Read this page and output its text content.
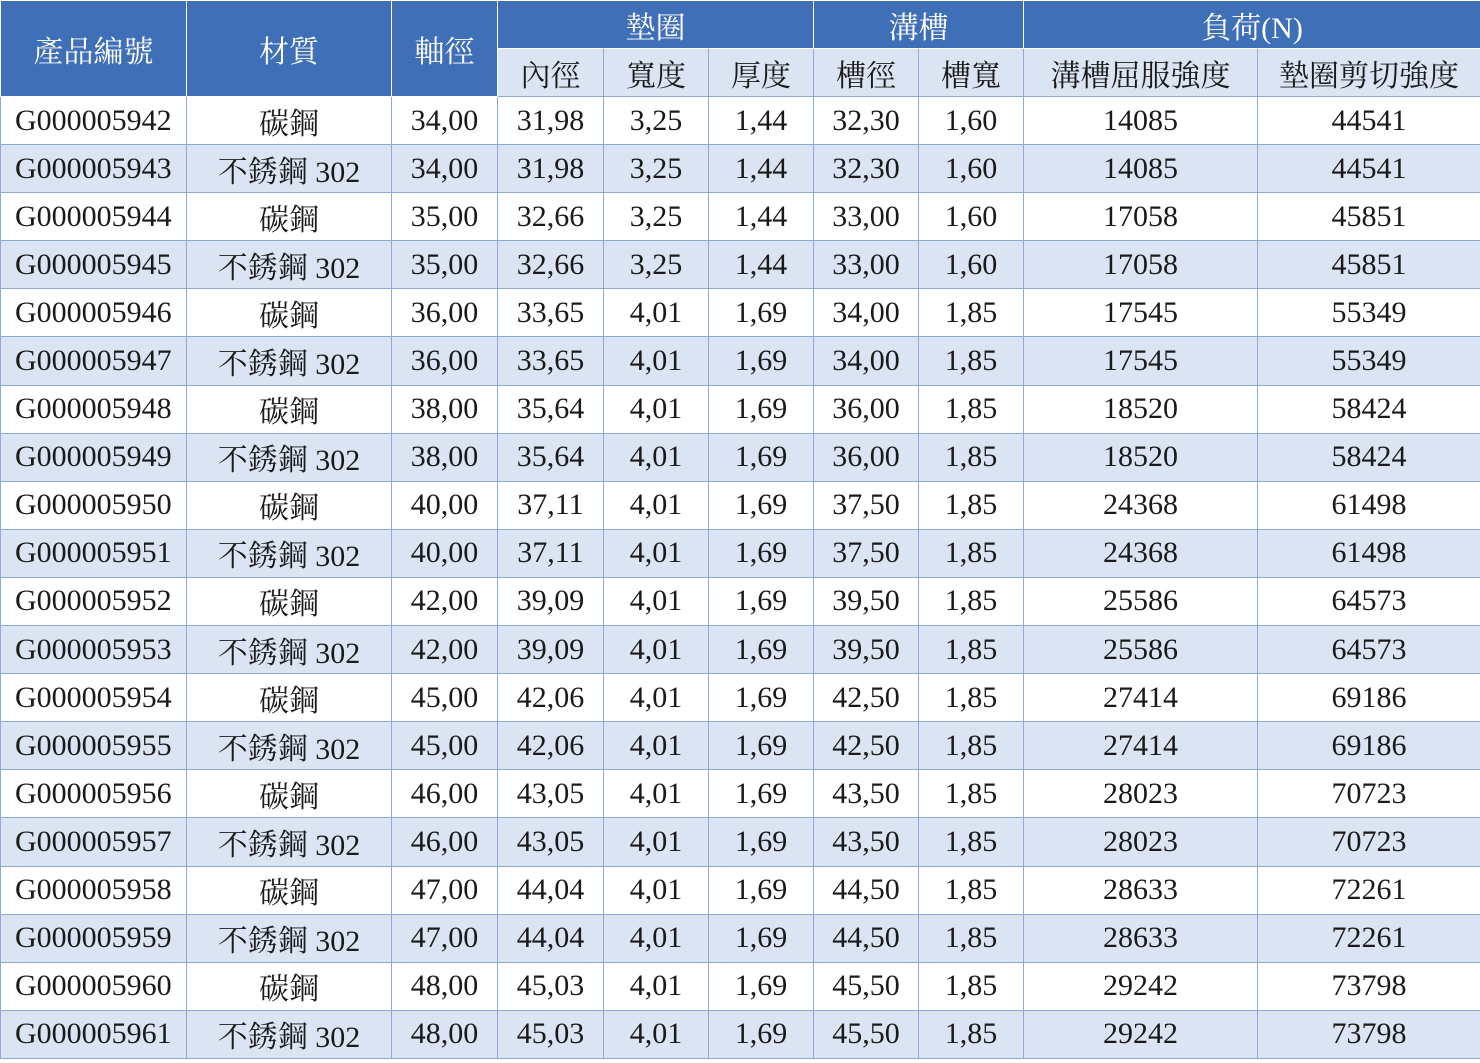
產品編號	材質	軸徑	墊圈			溝槽		負荷(N)	
			內徑	寬度	厚度	槽徑	槽寬	溝槽屈服強度	墊圈剪切強度
G000005942	碳鋼	34,00	31,98	3,25	1,44	32,30	1,60	14085	44541
G000005943	不銹鋼 302	34,00	31,98	3,25	1,44	32,30	1,60	14085	44541
G000005944	碳鋼	35,00	32,66	3,25	1,44	33,00	1,60	17058	45851
G000005945	不銹鋼 302	35,00	32,66	3,25	1,44	33,00	1,60	17058	45851
G000005946	碳鋼	36,00	33,65	4,01	1,69	34,00	1,85	17545	55349
G000005947	不銹鋼 302	36,00	33,65	4,01	1,69	34,00	1,85	17545	55349
G000005948	碳鋼	38,00	35,64	4,01	1,69	36,00	1,85	18520	58424
G000005949	不銹鋼 302	38,00	35,64	4,01	1,69	36,00	1,85	18520	58424
G000005950	碳鋼	40,00	37,11	4,01	1,69	37,50	1,85	24368	61498
G000005951	不銹鋼 302	40,00	37,11	4,01	1,69	37,50	1,85	24368	61498
G000005952	碳鋼	42,00	39,09	4,01	1,69	39,50	1,85	25586	64573
G000005953	不銹鋼 302	42,00	39,09	4,01	1,69	39,50	1,85	25586	64573
G000005954	碳鋼	45,00	42,06	4,01	1,69	42,50	1,85	27414	69186
G000005955	不銹鋼 302	45,00	42,06	4,01	1,69	42,50	1,85	27414	69186
G000005956	碳鋼	46,00	43,05	4,01	1,69	43,50	1,85	28023	70723
G000005957	不銹鋼 302	46,00	43,05	4,01	1,69	43,50	1,85	28023	70723
G000005958	碳鋼	47,00	44,04	4,01	1,69	44,50	1,85	28633	72261
G000005959	不銹鋼 302	47,00	44,04	4,01	1,69	44,50	1,85	28633	72261
G000005960	碳鋼	48,00	45,03	4,01	1,69	45,50	1,85	29242	73798
G000005961	不銹鋼 302	48,00	45,03	4,01	1,69	45,50	1,85	29242	73798
